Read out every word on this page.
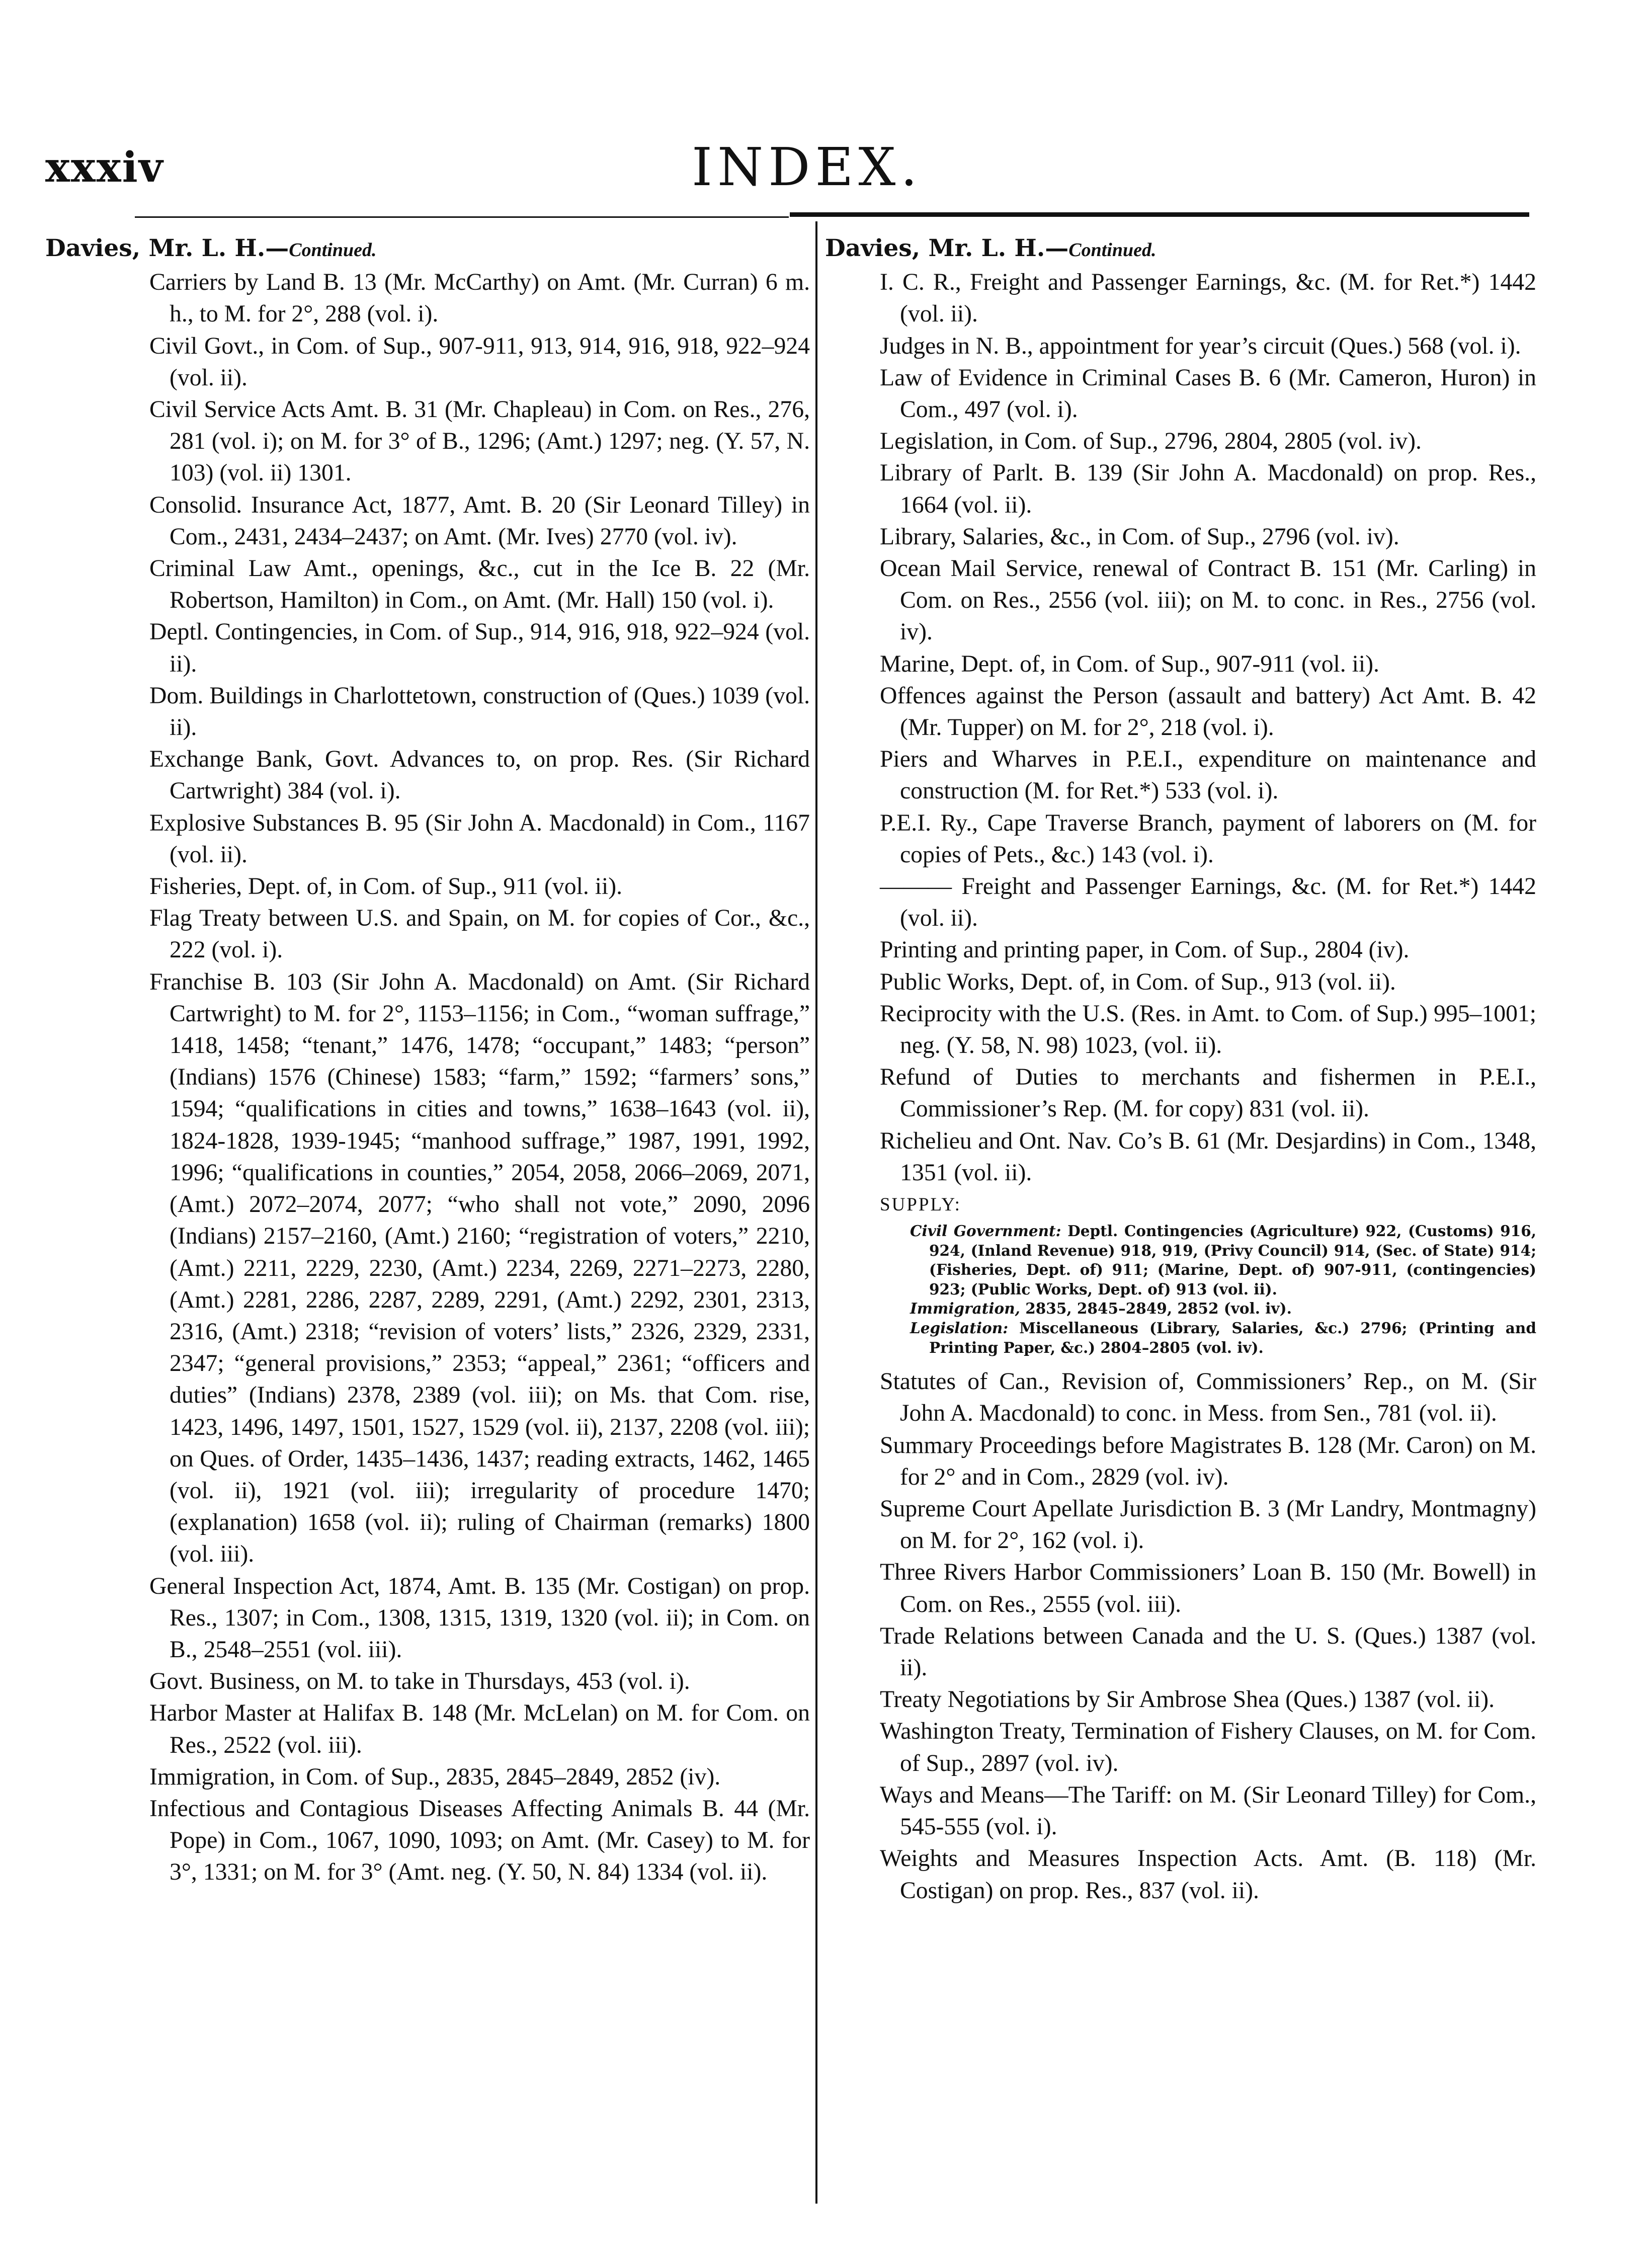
xxxiv	INDEX.
Davies, Mr. L. H.—Continued.
Carriers by Land B. 13 (Mr. McCarthy) on Amt. (Mr. Curran) 6 m. h., to M. for 2°, 288 (vol. i).
Civil Govt., in Com. of Sup., 907-911, 913, 914, 916, 918, 922–924 (vol. ii).
Civil Service Acts Amt. B. 31 (Mr. Chapleau) in Com. on Res., 276, 281 (vol. i); on M. for 3° of B., 1296; (Amt.) 1297; neg. (Y. 57, N. 103) (vol. ii) 1301.
Consolid. Insurance Act, 1877, Amt. B. 20 (Sir Leonard Tilley) in Com., 2431, 2434–2437; on Amt. (Mr. Ives) 2770 (vol. iv).
Criminal Law Amt., openings, &c., cut in the Ice B. 22 (Mr. Robertson, Hamilton) in Com., on Amt. (Mr. Hall) 150 (vol. i).
Deptl. Contingencies, in Com. of Sup., 914, 916, 918, 922–924 (vol. ii).
Dom. Buildings in Charlottetown, construction of (Ques.) 1039 (vol. ii).
Exchange Bank, Govt. Advances to, on prop. Res. (Sir Richard Cartwright) 384 (vol. i).
Explosive Substances B. 95 (Sir John A. Macdonald) in Com., 1167 (vol. ii).
Fisheries, Dept. of, in Com. of Sup., 911 (vol. ii).
Flag Treaty between U.S. and Spain, on M. for copies of Cor., &c., 222 (vol. i).
Franchise B. 103 (Sir John A. Macdonald) on Amt. (Sir Richard Cartwright) to M. for 2°, 1153–1156; in Com., “woman suffrage,” 1418, 1458; “tenant,” 1476, 1478; “occupant,” 1483; “person” (Indians) 1576 (Chinese) 1583; “farm,” 1592; “farmers’ sons,” 1594; “qualifications in cities and towns,” 1638–1643 (vol. ii), 1824-1828, 1939-1945; “manhood suffrage,” 1987, 1991, 1992, 1996; “qualifications in counties,” 2054, 2058, 2066–2069, 2071, (Amt.) 2072–2074, 2077; “who shall not vote,” 2090, 2096 (Indians) 2157–2160, (Amt.) 2160; “registration of voters,” 2210, (Amt.) 2211, 2229, 2230, (Amt.) 2234, 2269, 2271–2273, 2280, (Amt.) 2281, 2286, 2287, 2289, 2291, (Amt.) 2292, 2301, 2313, 2316, (Amt.) 2318; “revision of voters’ lists,” 2326, 2329, 2331, 2347; “general provisions,” 2353; “appeal,” 2361; “officers and duties” (Indians) 2378, 2389 (vol. iii); on Ms. that Com. rise, 1423, 1496, 1497, 1501, 1527, 1529 (vol. ii), 2137, 2208 (vol. iii); on Ques. of Order, 1435–1436, 1437; reading extracts, 1462, 1465 (vol. ii), 1921 (vol. iii); irregularity of procedure 1470; (explanation) 1658 (vol. ii); ruling of Chairman (remarks) 1800 (vol. iii).
General Inspection Act, 1874, Amt. B. 135 (Mr. Costigan) on prop. Res., 1307; in Com., 1308, 1315, 1319, 1320 (vol. ii); in Com. on B., 2548–2551 (vol. iii).
Govt. Business, on M. to take in Thursdays, 453 (vol. i).
Harbor Master at Halifax B. 148 (Mr. McLelan) on M. for Com. on Res., 2522 (vol. iii).
Immigration, in Com. of Sup., 2835, 2845–2849, 2852 (iv).
Infectious and Contagious Diseases Affecting Animals B. 44 (Mr. Pope) in Com., 1067, 1090, 1093; on Amt. (Mr. Casey) to M. for 3°, 1331; on M. for 3° (Amt. neg. (Y. 50, N. 84) 1334 (vol. ii).
Davies, Mr. L. H.—Continued.
I. C. R., Freight and Passenger Earnings, &c. (M. for Ret.*) 1442 (vol. ii).
Judges in N. B., appointment for year’s circuit (Ques.) 568 (vol. i).
Law of Evidence in Criminal Cases B. 6 (Mr. Cameron, Huron) in Com., 497 (vol. i).
Legislation, in Com. of Sup., 2796, 2804, 2805 (vol. iv).
Library of Parlt. B. 139 (Sir John A. Macdonald) on prop. Res., 1664 (vol. ii).
Library, Salaries, &c., in Com. of Sup., 2796 (vol. iv).
Ocean Mail Service, renewal of Contract B. 151 (Mr. Carling) in Com. on Res., 2556 (vol. iii); on M. to conc. in Res., 2756 (vol. iv).
Marine, Dept. of, in Com. of Sup., 907-911 (vol. ii).
Offences against the Person (assault and battery) Act Amt. B. 42 (Mr. Tupper) on M. for 2°, 218 (vol. i).
Piers and Wharves in P.E.I., expenditure on maintenance and construction (M. for Ret.*) 533 (vol. i).
P.E.I. Ry., Cape Traverse Branch, payment of laborers on (M. for copies of Pets., &c.) 143 (vol. i).
——— Freight and Passenger Earnings, &c. (M. for Ret.*) 1442 (vol. ii).
Printing and printing paper, in Com. of Sup., 2804 (iv).
Public Works, Dept. of, in Com. of Sup., 913 (vol. ii).
Reciprocity with the U.S. (Res. in Amt. to Com. of Sup.) 995–1001; neg. (Y. 58, N. 98) 1023, (vol. ii).
Refund of Duties to merchants and fishermen in P.E.I., Commissioner’s Rep. (M. for copy) 831 (vol. ii).
Richelieu and Ont. Nav. Co’s B. 61 (Mr. Desjardins) in Com., 1348, 1351 (vol. ii).
SUPPLY:
Civil Government: Deptl. Contingencies (Agriculture) 922, (Customs) 916, 924, (Inland Revenue) 918, 919, (Privy Council) 914, (Sec. of State) 914; (Fisheries, Dept. of) 911; (Marine, Dept. of) 907-911, (contingencies) 923; (Public Works, Dept. of) 913 (vol. ii).
Immigration, 2835, 2845–2849, 2852 (vol. iv).
Legislation: Miscellaneous (Library, Salaries, &c.) 2796; (Printing and Printing Paper, &c.) 2804–2805 (vol. iv).
Statutes of Can., Revision of, Commissioners’ Rep., on M. (Sir John A. Macdonald) to conc. in Mess. from Sen., 781 (vol. ii).
Summary Proceedings before Magistrates B. 128 (Mr. Caron) on M. for 2° and in Com., 2829 (vol. iv).
Supreme Court Apellate Jurisdiction B. 3 (Mr Landry, Montmagny) on M. for 2°, 162 (vol. i).
Three Rivers Harbor Commissioners’ Loan B. 150 (Mr. Bowell) in Com. on Res., 2555 (vol. iii).
Trade Relations between Canada and the U. S. (Ques.) 1387 (vol. ii).
Treaty Negotiations by Sir Ambrose Shea (Ques.) 1387 (vol. ii).
Washington Treaty, Termination of Fishery Clauses, on M. for Com. of Sup., 2897 (vol. iv).
Ways and Means—The Tariff: on M. (Sir Leonard Tilley) for Com., 545-555 (vol. i).
Weights and Measures Inspection Acts. Amt. (B. 118) (Mr. Costigan) on prop. Res., 837 (vol. ii).
